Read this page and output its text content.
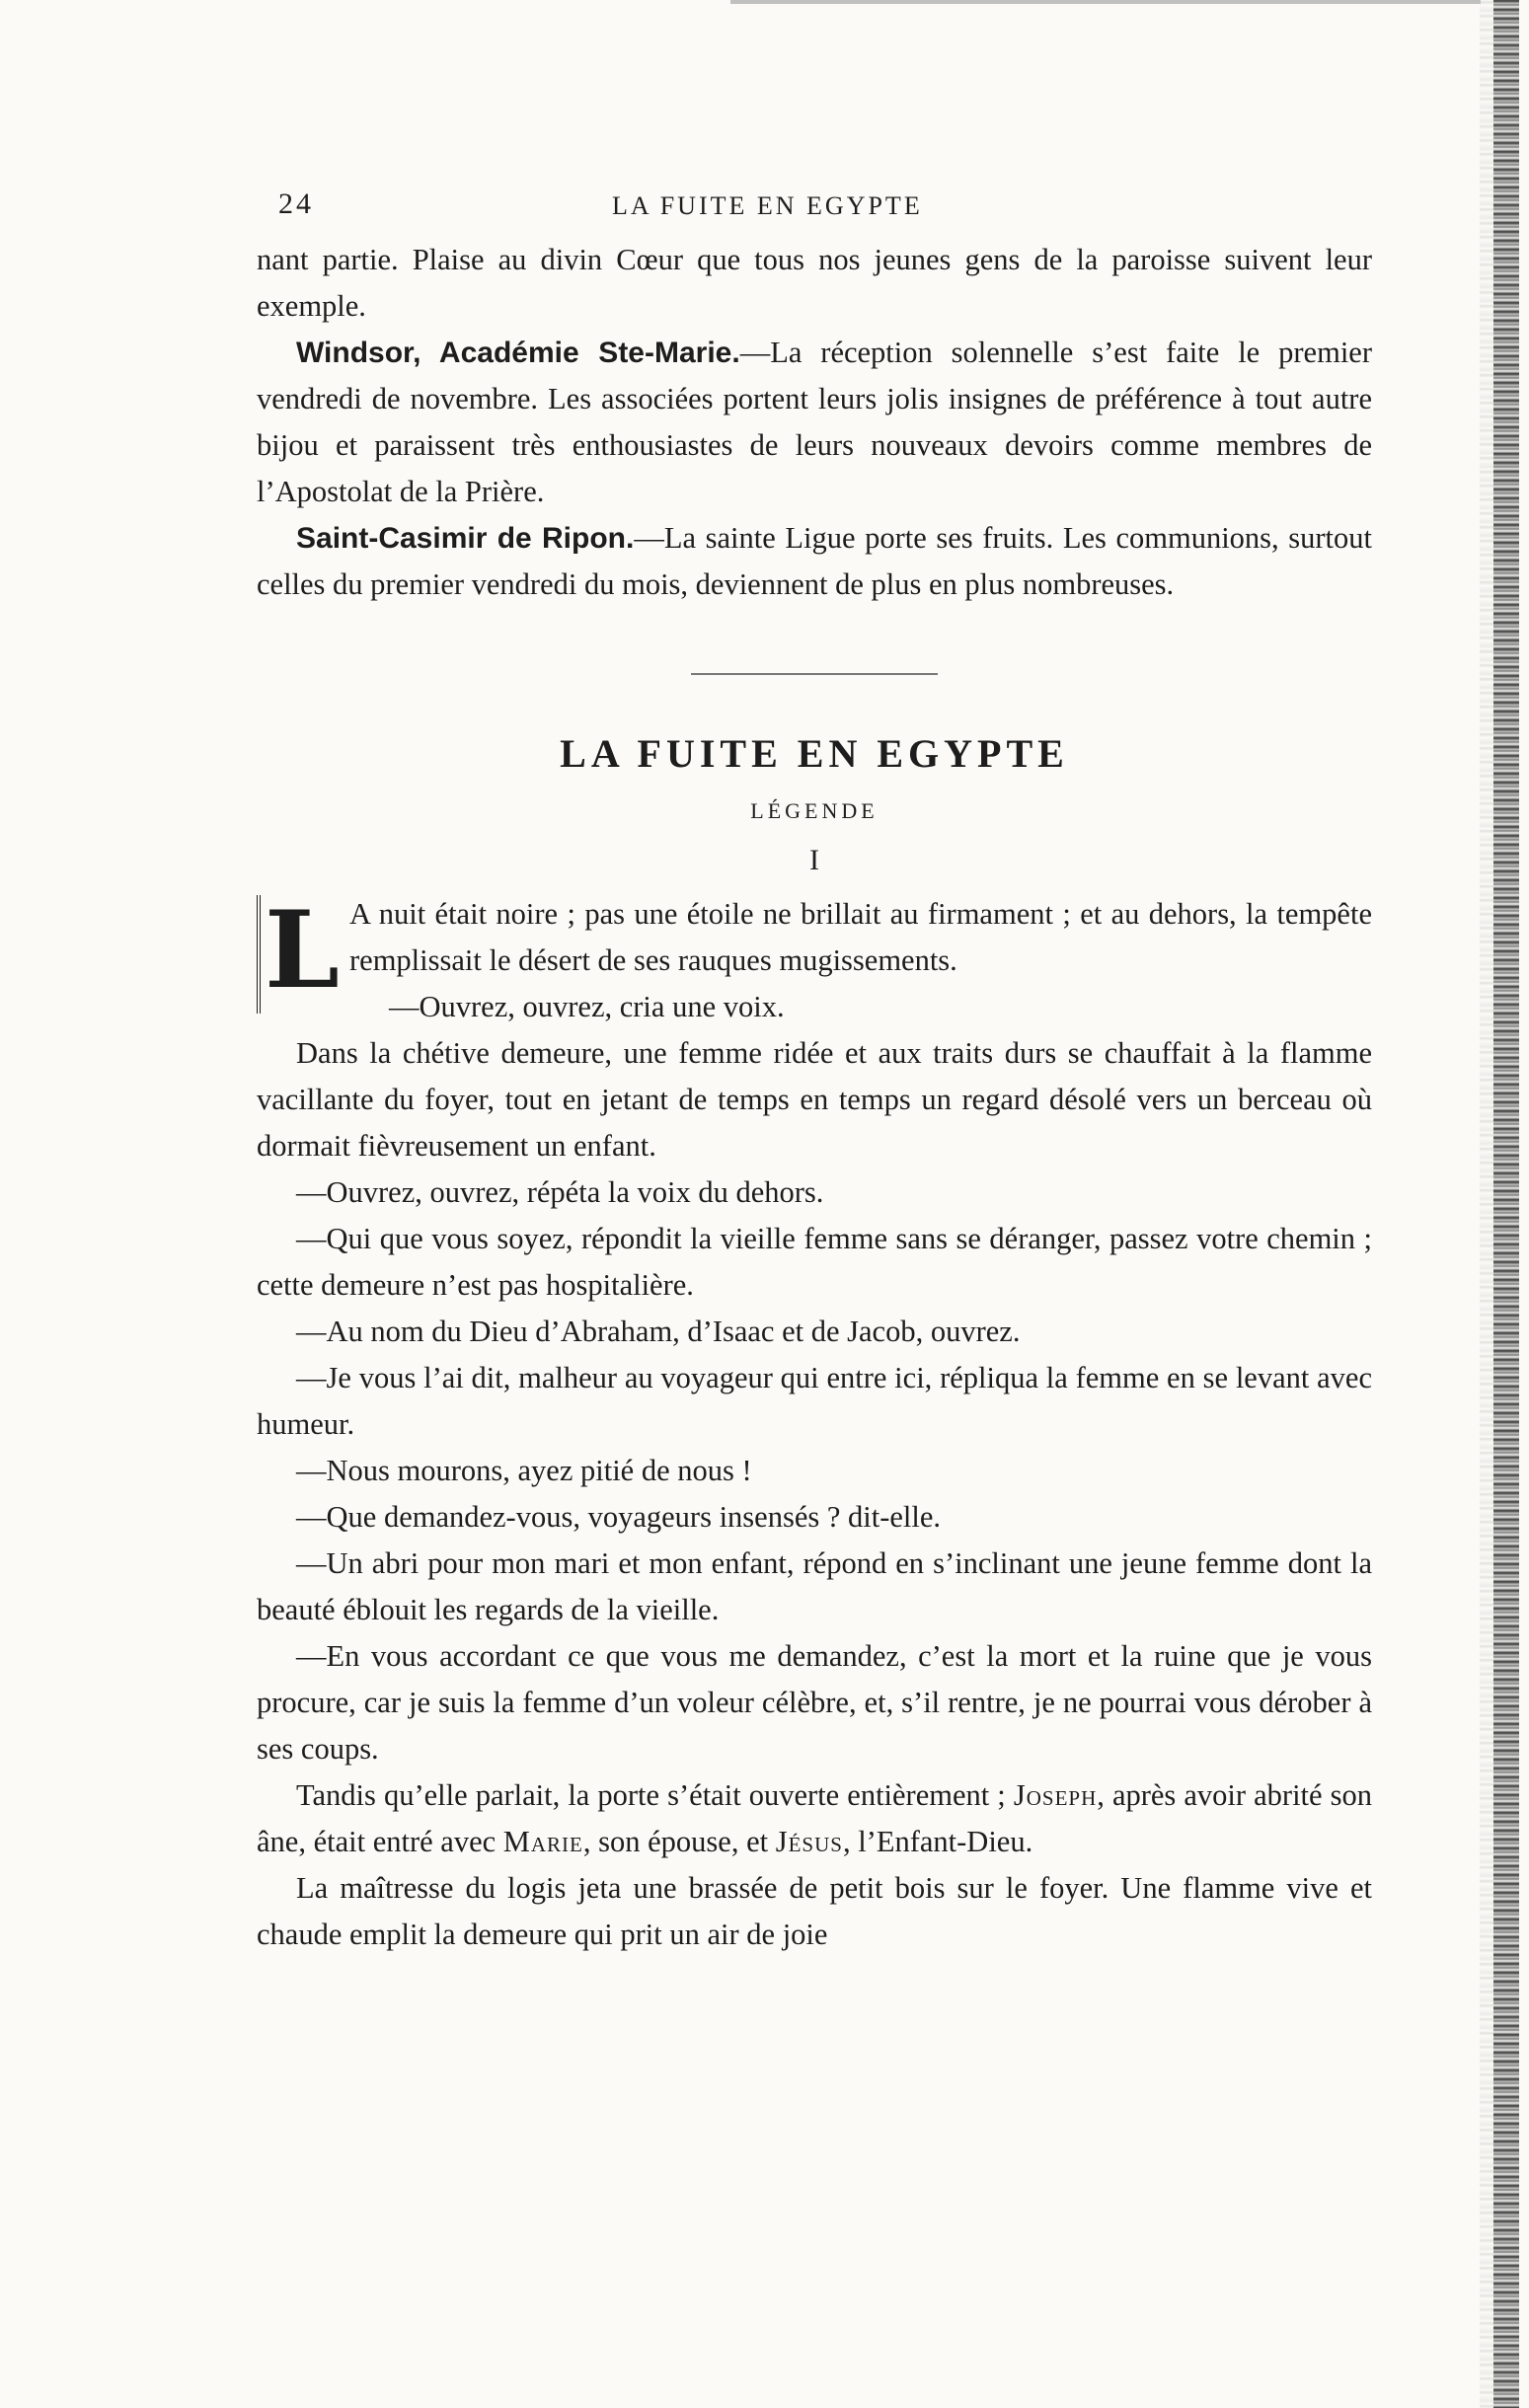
24	LA FUITE EN EGYPTE

nant partie. Plaise au divin Cœur que tous nos jeunes gens de la paroisse suivent leur exemple.

Windsor, Académie Ste-Marie.—La réception solennelle s’est faite le premier vendredi de novembre. Les associées portent leurs jolis insignes de préférence à tout autre bijou et paraissent très enthousiastes de leurs nouveaux devoirs comme membres de l’Apostolat de la Prière.

Saint-Casimir de Ripon.—La sainte Ligue porte ses fruits. Les communions, surtout celles du premier vendredi du mois, deviennent de plus en plus nombreuses.

LA FUITE EN EGYPTE
LÉGENDE
I
L A nuit était noire ; pas une étoile ne brillait au firmament ; et au dehors, la tempête remplissait le désert de ses rauques mugissements.

—Ouvrez, ouvrez, cria une voix.

Dans la chétive demeure, une femme ridée et aux traits durs se chauffait à la flamme vacillante du foyer, tout en jetant de temps en temps un regard désolé vers un berceau où dormait fièvreusement un enfant.

—Ouvrez, ouvrez, répéta la voix du dehors.

—Qui que vous soyez, répondit la vieille femme sans se déranger, passez votre chemin ; cette demeure n’est pas hospitalière.

—Au nom du Dieu d’Abraham, d’Isaac et de Jacob, ouvrez.

—Je vous l’ai dit, malheur au voyageur qui entre ici, répliqua la femme en se levant avec humeur.

—Nous mourons, ayez pitié de nous !

—Que demandez-vous, voyageurs insensés ? dit-elle.

—Un abri pour mon mari et mon enfant, répond en s’inclinant une jeune femme dont la beauté éblouit les regards de la vieille.

—En vous accordant ce que vous me demandez, c’est la mort et la ruine que je vous procure, car je suis la femme d’un voleur célèbre, et, s’il rentre, je ne pourrai vous dérober à ses coups.

Tandis qu’elle parlait, la porte s’était ouverte entièrement ; Joseph, après avoir abrité son âne, était entré avec Marie, son épouse, et Jésus, l’Enfant-Dieu.

La maîtresse du logis jeta une brassée de petit bois sur le foyer. Une flamme vive et chaude emplit la demeure qui prit un air de joie
